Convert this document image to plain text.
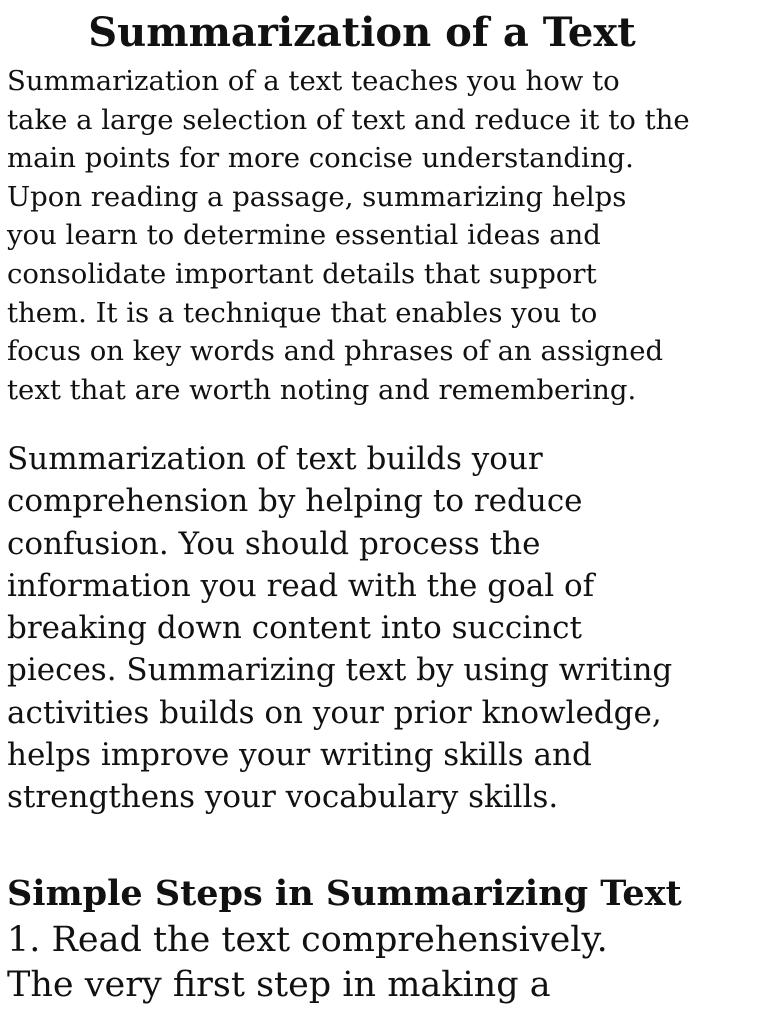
Summarization of a Text

Summarization of a text teaches you how to
take a large selection of text and reduce it to the
main points for more concise understanding.
Upon reading a passage, summarizing helps
you learn to determine essential ideas and
consolidate important details that support
them. It is a technique that enables you to
focus on key words and phrases of an assigned
text that are worth noting and remembering.

Summarization of text builds your
comprehension by helping to reduce
confusion. You should process the
information you read with the goal of
breaking down content into succinct
pieces. Summarizing text by using writing
activities builds on your prior knowledge,
helps improve your writing skills and
strengthens your vocabulary skills.

Simple Steps in Summarizing Text

1. Read the text comprehensively.

The very first step in making a
